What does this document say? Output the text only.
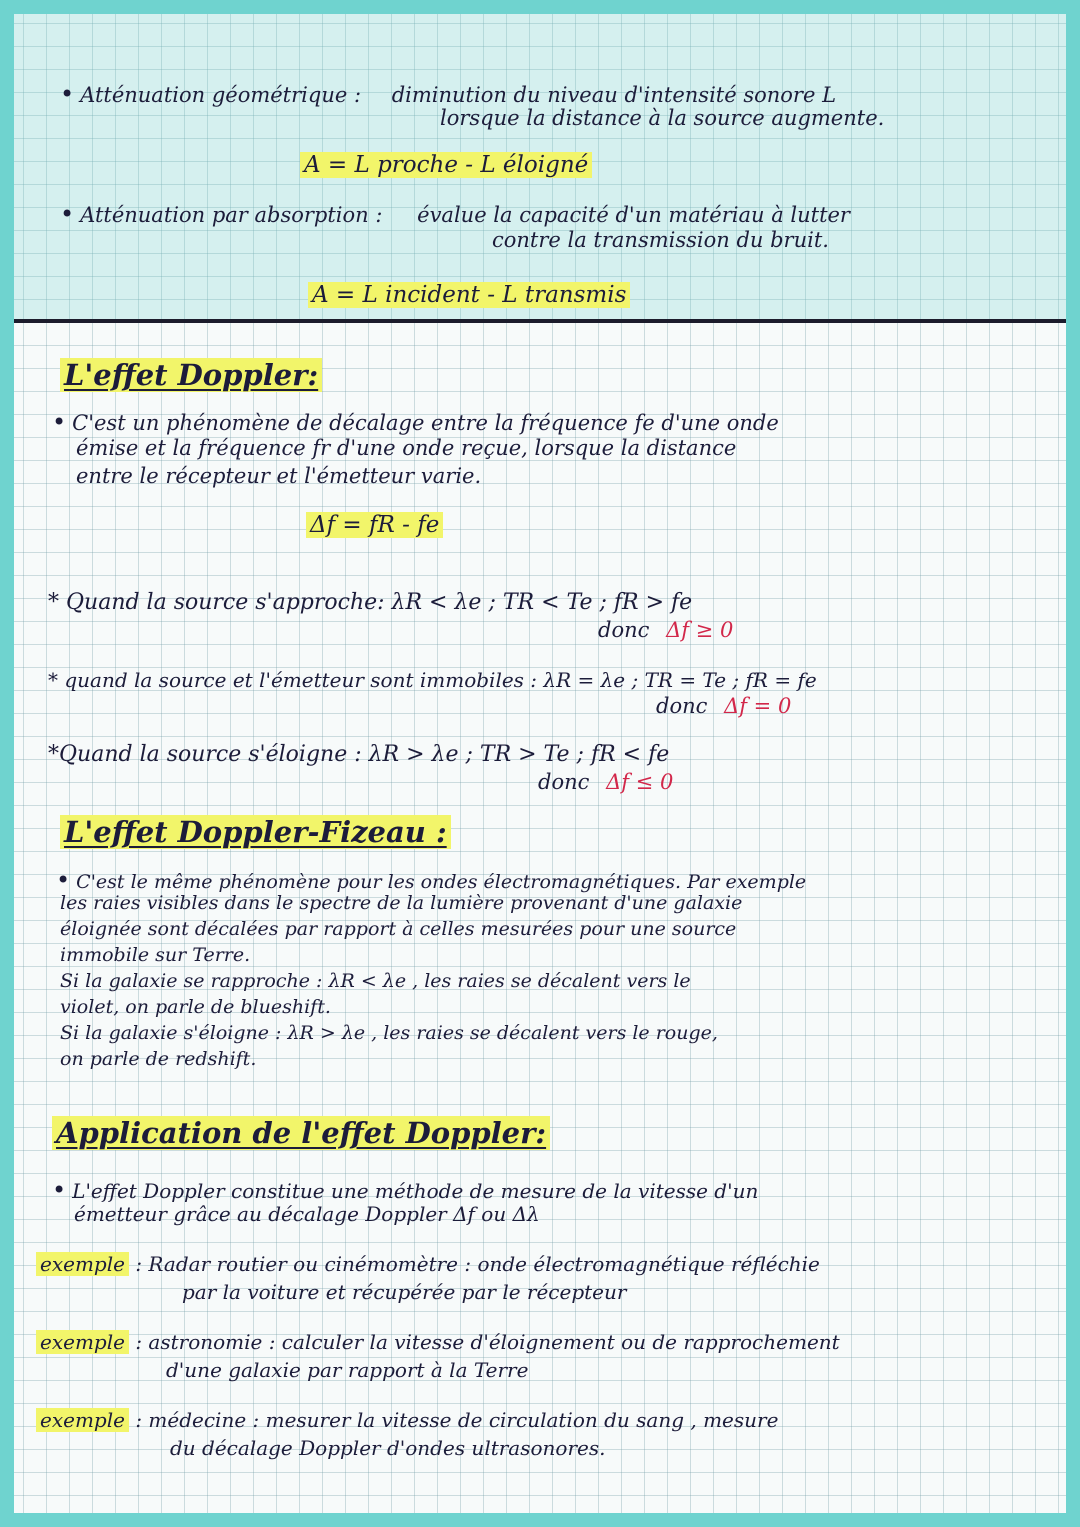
• Atténuation géométrique : diminution du niveau d'intensité sonore L
lorsque la distance à la source augmente.
A = L proche - L éloigné
• Atténuation par absorption : évalue la capacité d'un matériau à lutter
contre la transmission du bruit.
A = L incident - L transmis
L'effet Doppler:
• C'est un phénomène de décalage entre la fréquence fe d'une onde
émise et la fréquence fr d'une onde reçue, lorsque la distance
entre le récepteur et l'émetteur varie.
Δf = fR - fe
* Quand la source s'approche: λR < λe ; TR < Te ; fR > fe
donc Δf ≥ 0
* quand la source et l'émetteur sont immobiles : λR = λe ; TR = Te ; fR = fe
donc Δf = 0
*Quand la source s'éloigne : λR > λe ; TR > Te ; fR < fe
donc Δf ≤ 0
L'effet Doppler-Fizeau :
• C'est le même phénomène pour les ondes électromagnétiques. Par exemple
les raies visibles dans le spectre de la lumière provenant d'une galaxie
éloignée sont décalées par rapport à celles mesurées pour une source
immobile sur Terre.
Si la galaxie se rapproche : λR < λe , les raies se décalent vers le
violet, on parle de blueshift.
Si la galaxie s'éloigne : λR > λe , les raies se décalent vers le rouge,
on parle de redshift.
Application de l'effet Doppler:
• L'effet Doppler constitue une méthode de mesure de la vitesse d'un
émetteur grâce au décalage Doppler Δf ou Δλ
exemple : Radar routier ou cinémomètre : onde électromagnétique réfléchie
par la voiture et récupérée par le récepteur
exemple : astronomie : calculer la vitesse d'éloignement ou de rapprochement
d'une galaxie par rapport à la Terre
exemple : médecine : mesurer la vitesse de circulation du sang , mesure
du décalage Doppler d'ondes ultrasonores.
